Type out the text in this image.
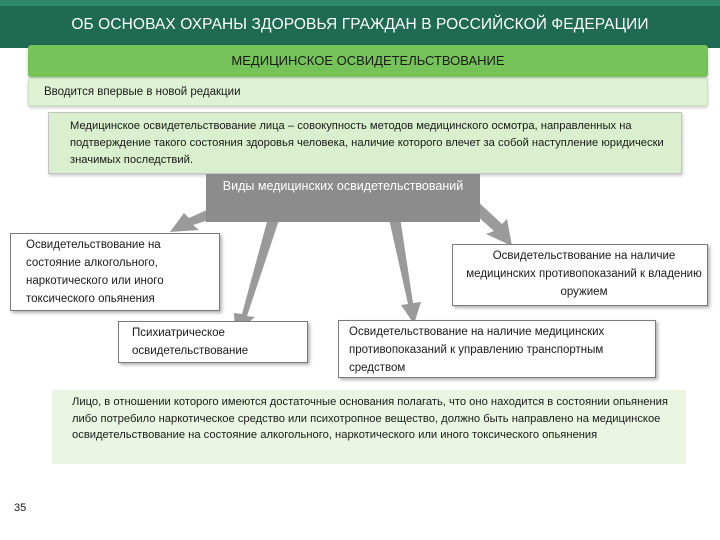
ОБ ОСНОВАХ ОХРАНЫ ЗДОРОВЬЯ ГРАЖДАН В РОССИЙСКОЙ ФЕДЕРАЦИИ
МЕДИЦИНСКОЕ ОСВИДЕТЕЛЬСТВОВАНИЕ
Вводится впервые в новой редакции
Медицинское освидетельствование лица – совокупность методов медицинского осмотра, направленных на подтверждение такого состояния здоровья человека, наличие которого влечет за собой наступление юридически значимых последствий.
Виды медицинских освидетельствований
Освидетельствование на состояние алкогольного, наркотического или иного токсического опьянения
Освидетельствование на наличие медицинских противопоказаний к владению оружием
Психиатрическое освидетельствование
Освидетельствование на наличие медицинских противопоказаний к управлению транспортным средством
Лицо, в отношении которого имеются достаточные основания полагать, что оно находится в состоянии опьянения либо потребило наркотическое средство или психотропное вещество, должно быть направлено на медицинское освидетельствование на состояние алкогольного, наркотического или иного токсического опьянения
35
